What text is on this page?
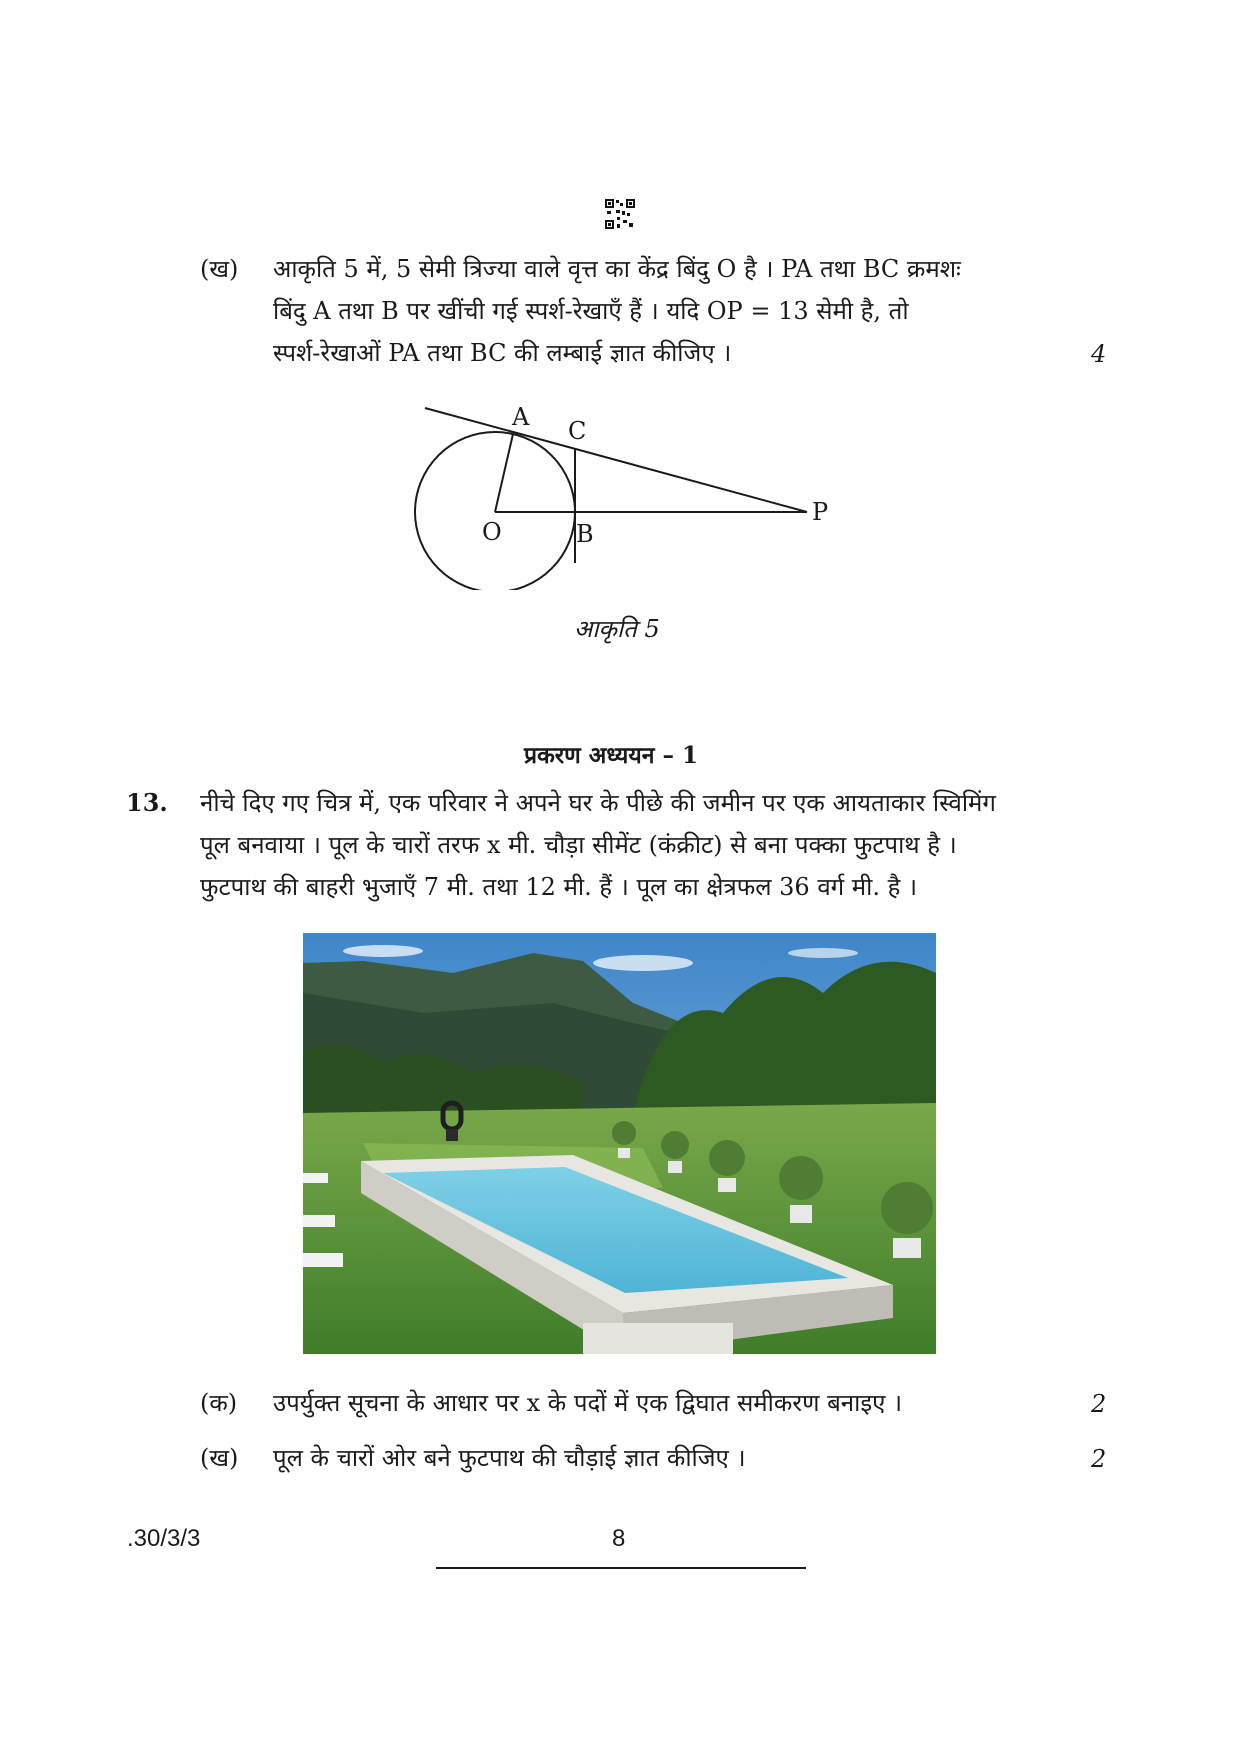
(ख)	आकृति 5 में, 5 सेमी त्रिज्या वाले वृत्त का केंद्र बिंदु O है । PA तथा BC क्रमशः
बिंदु A तथा B पर खींची गई स्पर्श-रेखाएँ हैं । यदि OP = 13 सेमी है, तो
स्पर्श-रेखाओं PA तथा BC की लम्बाई ज्ञात कीजिए ।	4
A C
O	B
P
आकृति 5
प्रकरण अध्ययन – 1
13. नीचे दिए गए चित्र में, एक परिवार ने अपने घर के पीछे की जमीन पर एक आयताकार स्विमिंग
पूल बनवाया । पूल के चारों तरफ x मी. चौड़ा सीमेंट (कंक्रीट) से बना पक्का फुटपाथ है ।
फुटपाथ की बाहरी भुजाएँ 7 मी. तथा 12 मी. हैं । पूल का क्षेत्रफल 36 वर्ग मी. है ।
(क)	उपर्युक्त सूचना के आधार पर x के पदों में एक द्विघात समीकरण बनाइए ।	2
(ख)	पूल के चारों ओर बने फुटपाथ की चौड़ाई ज्ञात कीजिए ।	2
.30/3/3	8
